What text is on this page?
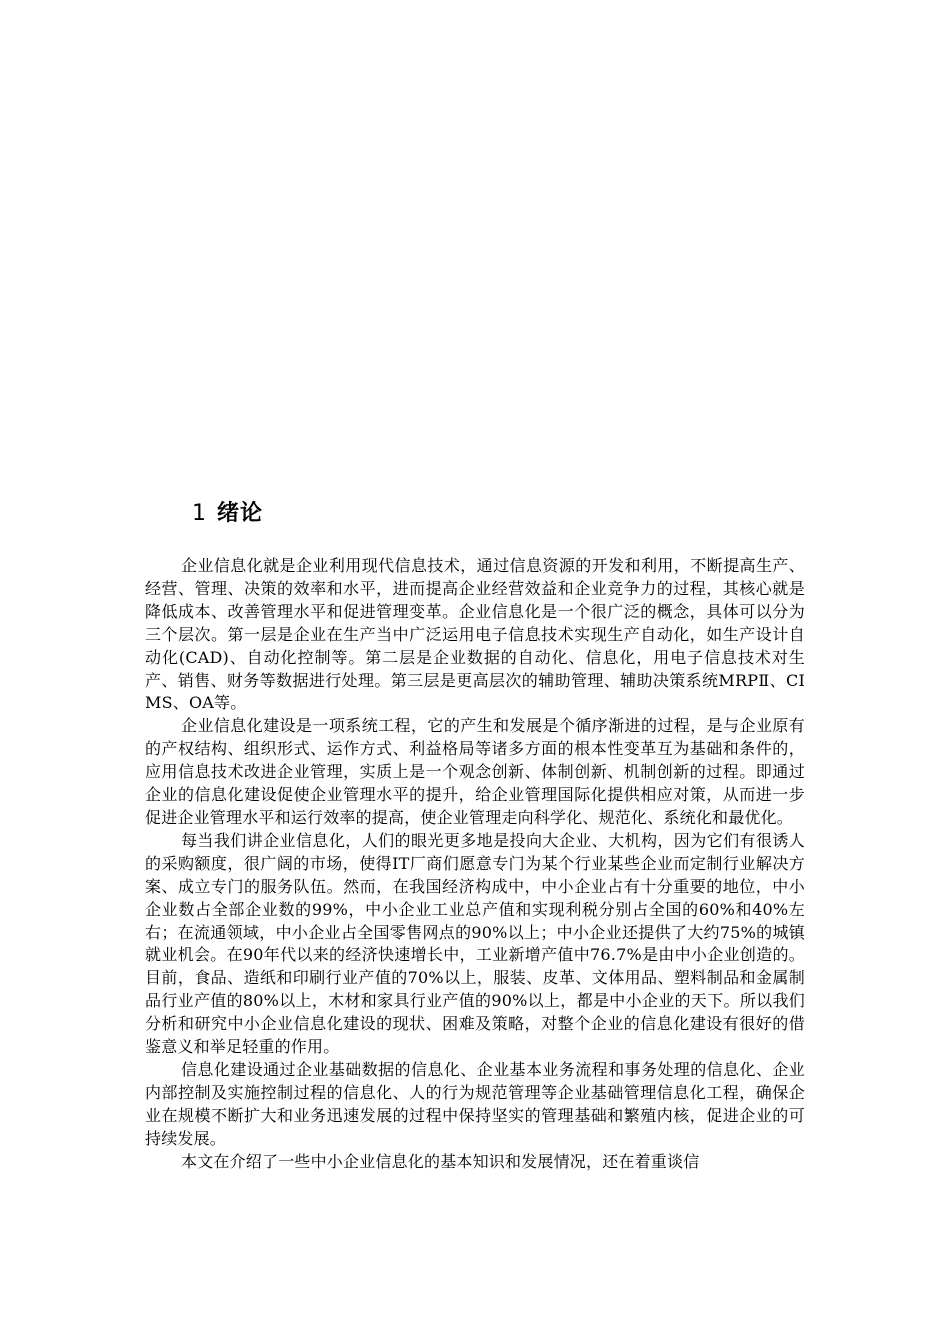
1 绪论

企业信息化就是企业利用现代信息技术，通过信息资源的开发和利用，不断提高生产、经营、管理、决策的效率和水平，进而提高企业经营效益和企业竞争力的过程，其核心就是降低成本、改善管理水平和促进管理变革。企业信息化是一个很广泛的概念，具体可以分为三个层次。第一层是企业在生产当中广泛运用电子信息技术实现生产自动化，如生产设计自动化(CAD)、自动化控制等。第二层是企业数据的自动化、信息化，用电子信息技术对生产、销售、财务等数据进行处理。第三层是更高层次的辅助管理、辅助决策系统MRPⅡ、CIMS、OA等。

企业信息化建设是一项系统工程，它的产生和发展是个循序渐进的过程，是与企业原有的产权结构、组织形式、运作方式、利益格局等诸多方面的根本性变革互为基础和条件的，应用信息技术改进企业管理，实质上是一个观念创新、体制创新、机制创新的过程。即通过企业的信息化建设促使企业管理水平的提升，给企业管理国际化提供相应对策，从而进一步促进企业管理水平和运行效率的提高，使企业管理走向科学化、规范化、系统化和最优化。

每当我们讲企业信息化，人们的眼光更多地是投向大企业、大机构，因为它们有很诱人的采购额度，很广阔的市场，使得IT厂商们愿意专门为某个行业某些企业而定制行业解决方案、成立专门的服务队伍。然而，在我国经济构成中，中小企业占有十分重要的地位，中小企业数占全部企业数的99%，中小企业工业总产值和实现利税分别占全国的60%和40%左右；在流通领域，中小企业占全国零售网点的90%以上；中小企业还提供了大约75%的城镇就业机会。在90年代以来的经济快速增长中，工业新增产值中76.7%是由中小企业创造的。目前，食品、造纸和印刷行业产值的70%以上，服装、皮革、文体用品、塑料制品和金属制品行业产值的80%以上，木材和家具行业产值的90%以上，都是中小企业的天下。所以我们分析和研究中小企业信息化建设的现状、困难及策略，对整个企业的信息化建设有很好的借鉴意义和举足轻重的作用。

信息化建设通过企业基础数据的信息化、企业基本业务流程和事务处理的信息化、企业内部控制及实施控制过程的信息化、人的行为规范管理等企业基础管理信息化工程，确保企业在规模不断扩大和业务迅速发展的过程中保持坚实的管理基础和繁殖内核，促进企业的可持续发展。

本文在介绍了一些中小企业信息化的基本知识和发展情况，还在着重谈信
